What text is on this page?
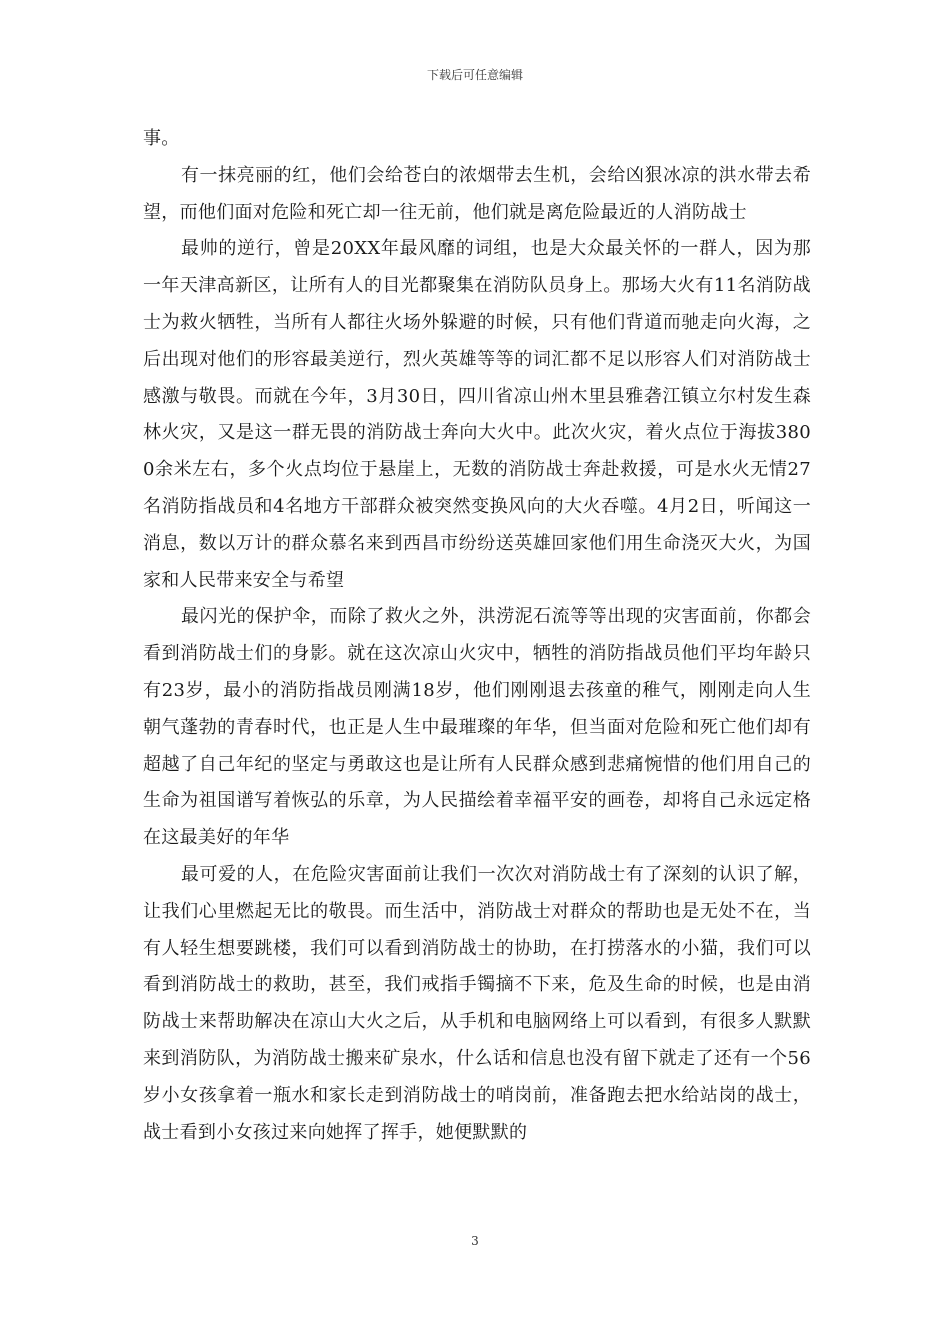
下载后可任意编辑

事。

有一抹亮丽的红，他们会给苍白的浓烟带去生机，会给凶狠冰凉的洪水带去希望，而他们面对危险和死亡却一往无前，他们就是离危险最近的人消防战士

最帅的逆行，曾是20XX年最风靡的词组，也是大众最关怀的一群人，因为那一年天津高新区，让所有人的目光都聚集在消防队员身上。那场大火有11名消防战士为救火牺牲，当所有人都往火场外躲避的时候，只有他们背道而驰走向火海，之后出现对他们的形容最美逆行，烈火英雄等等的词汇都不足以形容人们对消防战士感激与敬畏。而就在今年，3月30日，四川省凉山州木里县雅砻江镇立尔村发生森林火灾，又是这一群无畏的消防战士奔向大火中。此次火灾，着火点位于海拔3800余米左右，多个火点均位于悬崖上，无数的消防战士奔赴救援，可是水火无情27名消防指战员和4名地方干部群众被突然变换风向的大火吞噬。4月2日，听闻这一消息，数以万计的群众慕名来到西昌市纷纷送英雄回家他们用生命浇灭大火，为国家和人民带来安全与希望

最闪光的保护伞，而除了救火之外，洪涝泥石流等等出现的灾害面前，你都会看到消防战士们的身影。就在这次凉山火灾中，牺牲的消防指战员他们平均年龄只有23岁，最小的消防指战员刚满18岁，他们刚刚退去孩童的稚气，刚刚走向人生朝气蓬勃的青春时代，也正是人生中最璀璨的年华，但当面对危险和死亡他们却有超越了自己年纪的坚定与勇敢这也是让所有人民群众感到悲痛惋惜的他们用自己的生命为祖国谱写着恢弘的乐章，为人民描绘着幸福平安的画卷，却将自己永远定格在这最美好的年华

最可爱的人，在危险灾害面前让我们一次次对消防战士有了深刻的认识了解，让我们心里燃起无比的敬畏。而生活中，消防战士对群众的帮助也是无处不在，当有人轻生想要跳楼，我们可以看到消防战士的协助，在打捞落水的小猫，我们可以看到消防战士的救助，甚至，我们戒指手镯摘不下来，危及生命的时候，也是由消防战士来帮助解决在凉山大火之后，从手机和电脑网络上可以看到，有很多人默默来到消防队，为消防战士搬来矿泉水，什么话和信息也没有留下就走了还有一个56岁小女孩拿着一瓶水和家长走到消防战士的哨岗前，准备跑去把水给站岗的战士，战士看到小女孩过来向她挥了挥手，她便默默的

3
